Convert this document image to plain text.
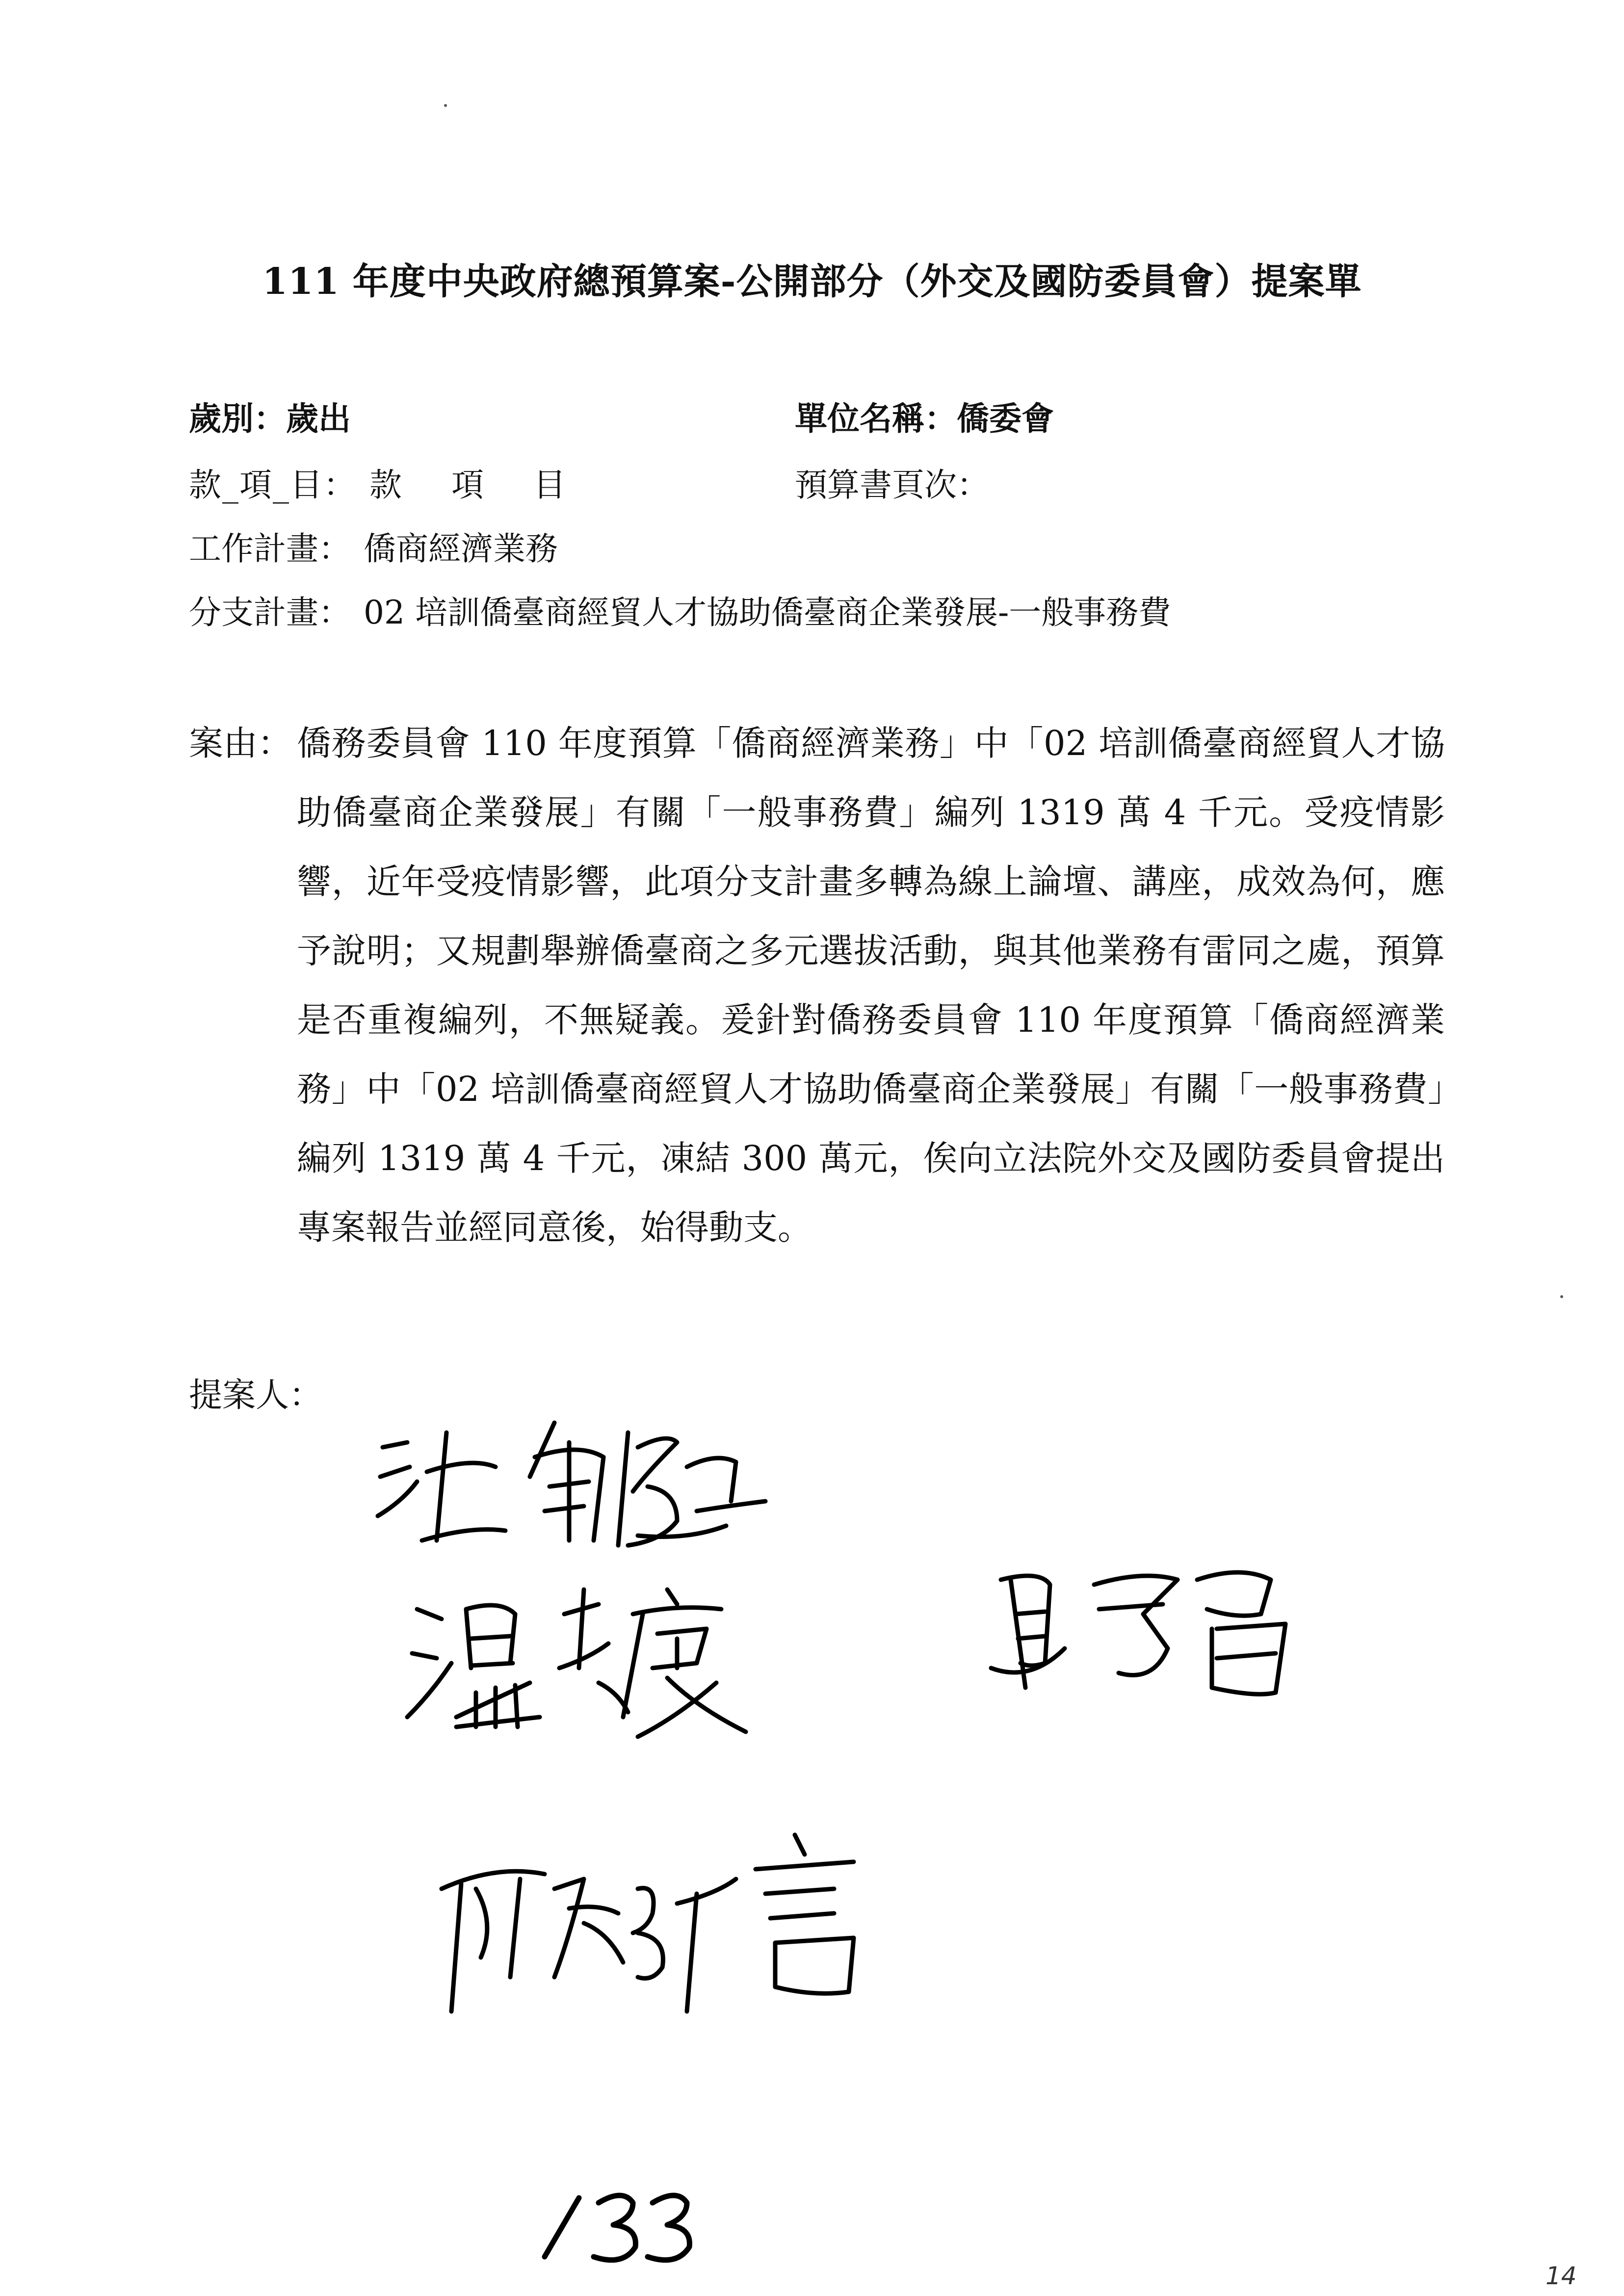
111 年度中央政府總預算案-公開部分（外交及國防委員會）提案單
歲別：歲出	單位名稱：僑委會
款_項_目： 款 項 目	預算書頁次：
工作計畫： 僑商經濟業務
分支計畫： 02 培訓僑臺商經貿人才協助僑臺商企業發展-一般事務費
案由： 僑務委員會 110 年度預算「僑商經濟業務」中「02 培訓僑臺商經貿人才協助僑臺商企業發展」有關「一般事務費」編列 1319 萬 4 千元。受疫情影響，近年受疫情影響，此項分支計畫多轉為線上論壇、講座，成效為何，應予說明；又規劃舉辦僑臺商之多元選拔活動，與其他業務有雷同之處，預算是否重複編列，不無疑義。爰針對僑務委員會 110 年度預算「僑商經濟業務」中「02 培訓僑臺商經貿人才協助僑臺商企業發展」有關「一般事務費」編列 1319 萬 4 千元，凍結 300 萬元，俟向立法院外交及國防委員會提出專案報告並經同意後，始得動支。
提案人：
14
